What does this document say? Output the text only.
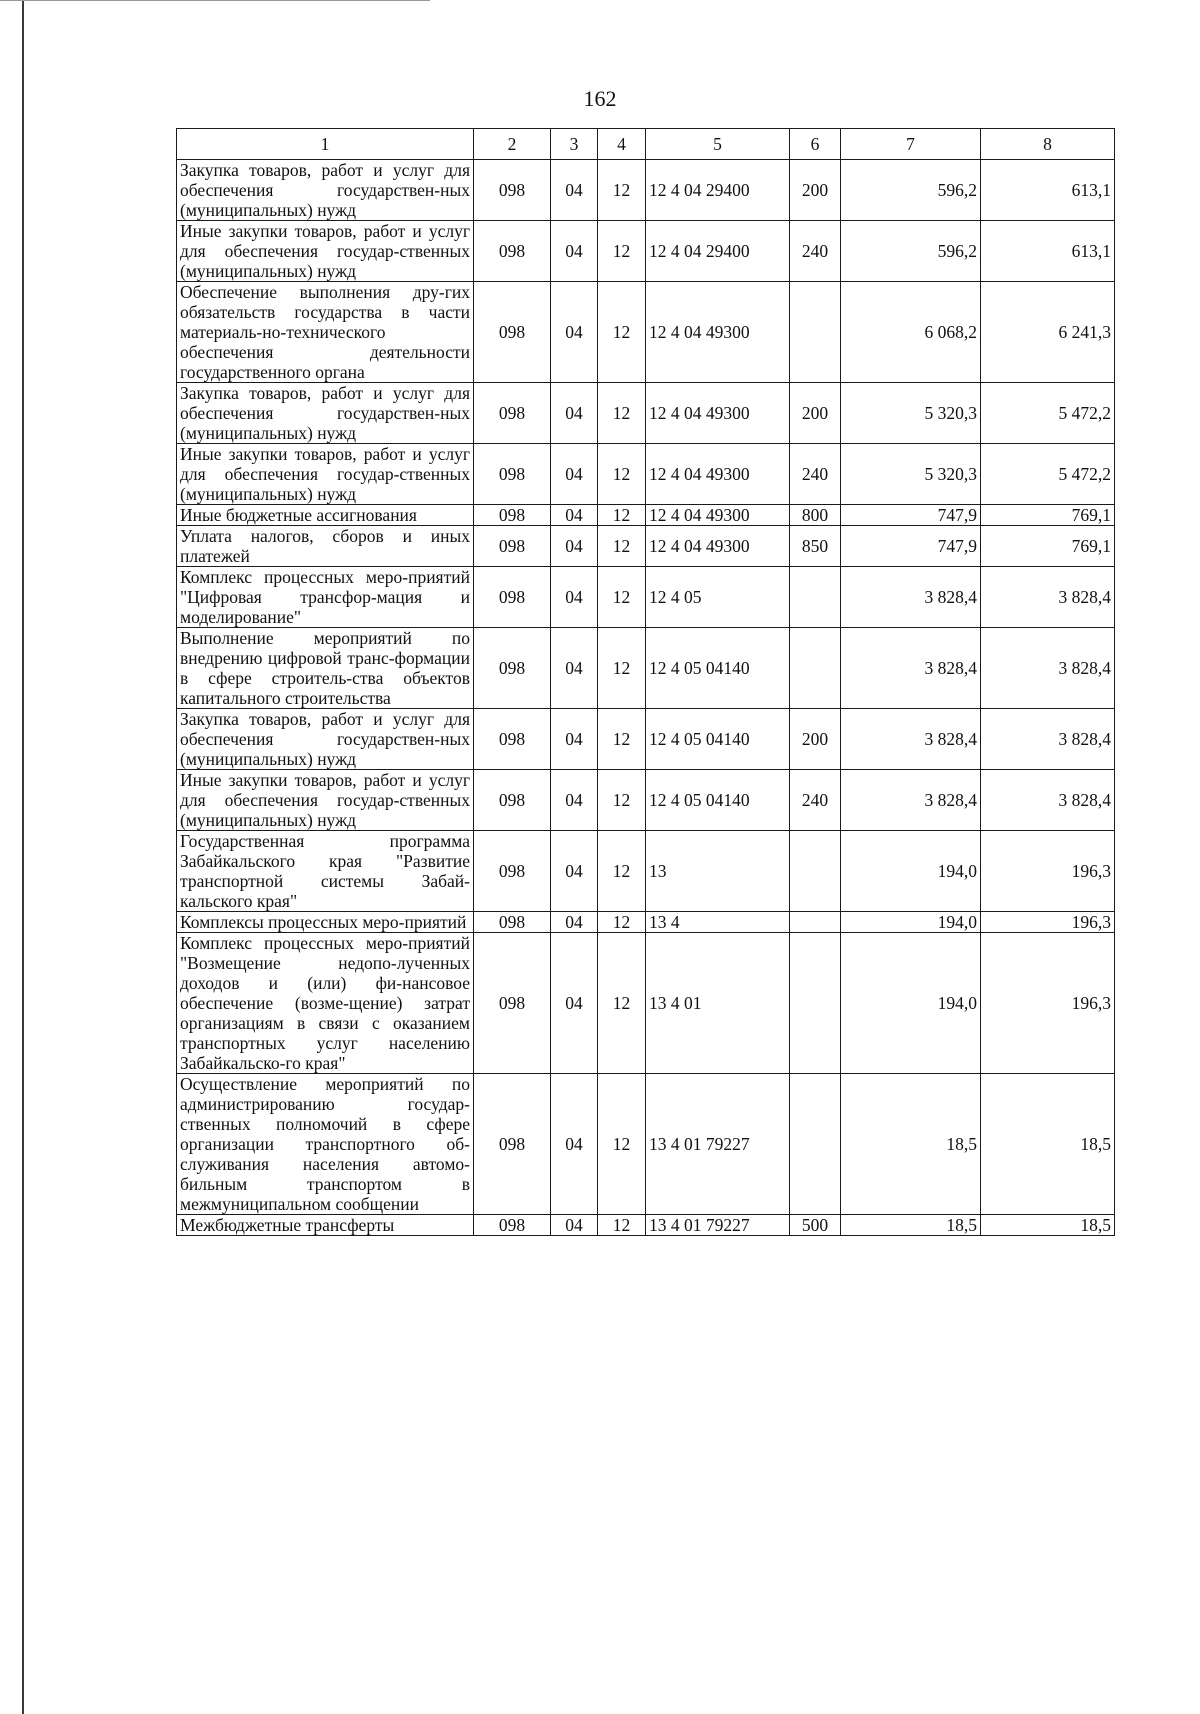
162
1	2	3	4	5	6	7	8
Закупка товаров, работ и услуг для обеспечения государствен-ных (муниципальных) нужд	098	04	12	12 4 04 29400	200	596,2	613,1
Иные закупки товаров, работ и услуг для обеспечения государ-ственных (муниципальных) нужд	098	04	12	12 4 04 29400	240	596,2	613,1
Обеспечение выполнения дру-гих обязательств государства в части материаль-но-технического обеспечения деятельности государственного органа	098	04	12	12 4 04 49300		6 068,2	6 241,3
Закупка товаров, работ и услуг для обеспечения государствен-ных (муниципальных) нужд	098	04	12	12 4 04 49300	200	5 320,3	5 472,2
Иные закупки товаров, работ и услуг для обеспечения государ-ственных (муниципальных) нужд	098	04	12	12 4 04 49300	240	5 320,3	5 472,2
Иные бюджетные ассигнования	098	04	12	12 4 04 49300	800	747,9	769,1
Уплата налогов, сборов и иных платежей	098	04	12	12 4 04 49300	850	747,9	769,1
Комплекс процессных меро-приятий "Цифровая трансфор-мация и моделирование"	098	04	12	12 4 05		3 828,4	3 828,4
Выполнение мероприятий по внедрению цифровой транс-формации в сфере строитель-ства объектов капитального строительства	098	04	12	12 4 05 04140		3 828,4	3 828,4
Закупка товаров, работ и услуг для обеспечения государствен-ных (муниципальных) нужд	098	04	12	12 4 05 04140	200	3 828,4	3 828,4
Иные закупки товаров, работ и услуг для обеспечения государ-ственных (муниципальных) нужд	098	04	12	12 4 05 04140	240	3 828,4	3 828,4
Государственная программа Забайкальского края "Развитие транспортной системы Забай-кальского края"	098	04	12	13		194,0	196,3
Комплексы процессных меро-приятий	098	04	12	13 4		194,0	196,3
Комплекс процессных меро-приятий "Возмещение недопо-лученных доходов и (или) фи-нансовое обеспечение (возме-щение) затрат организациям в связи с оказанием транспортных услуг населению Забайкальско-го края"	098	04	12	13 4 01		194,0	196,3
Осуществление мероприятий по администрированию государ-ственных полномочий в сфере организации транспортного об-служивания населения автомо-бильным транспортом в межмуниципальном сообщении	098	04	12	13 4 01 79227		18,5	18,5
Межбюджетные трансферты	098	04	12	13 4 01 79227	500	18,5	18,5
